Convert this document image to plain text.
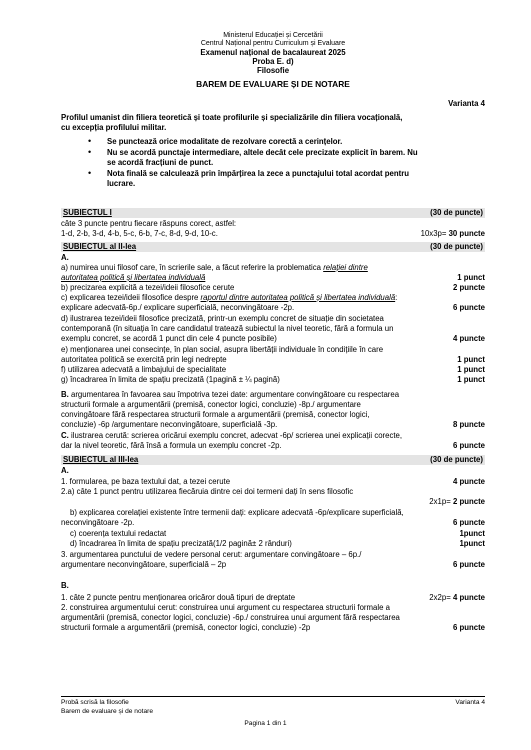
Ministerul Educației și Cercetării
Centrul Național pentru Curriculum și Evaluare
Examenul național de bacalaureat 2025
Proba E. d)
Filosofie
BAREM DE EVALUARE ȘI DE NOTARE
Varianta 4
Profilul umanist din filiera teoretică și toate profilurile și specializările din filiera vocațională,
cu excepția profilului militar.
• Se punctează orice modalitate de rezolvare corectă a cerințelor.
• Nu se acordă punctaje intermediare, altele decât cele precizate explicit în barem. Nu
se acordă fracțiuni de punct.
• Nota finală se calculează prin împărțirea la zece a punctajului total acordat pentru
lucrare.
SUBIECTUL I	(30 de puncte)
câte 3 puncte pentru fiecare răspuns corect, astfel:
1-d, 2-b, 3-d, 4-b, 5-c, 6-b, 7-c, 8-d, 9-d, 10-c.	10x3p= 30 puncte
SUBIECTUL al II-lea	(30 de puncte)
A.
a) numirea unui filosof care, în scrierile sale, a făcut referire la problematica relației dintre
autoritatea politică și libertatea individuală	1 punct
b) precizarea explicită a tezei/ideii filosofice cerute	2 puncte
c) explicarea tezei/ideii filosofice despre raportul dintre autoritatea politică și libertatea individuală:
explicare adecvată-6p./ explicare superficială, neconvingătoare -2p.	6 puncte
d) ilustrarea tezei/ideii filosofice precizată, printr-un exemplu concret de situație din societatea
contemporană (în situația în care candidatul tratează subiectul la nivel teoretic, fără a formula un
exemplu concret, se acordă 1 punct din cele 4 puncte posibile)	4 puncte
e) menționarea unei consecințe, în plan social, asupra libertății individuale în condițiile în care
autoritatea politică se exercită prin legi nedrepte	1 punct
f) utilizarea adecvată a limbajului de specialitate	1 punct
g) încadrarea în limita de spațiu precizată (1pagină ± ¼ pagină)	1 punct
B. argumentarea în favoarea sau împotriva tezei date: argumentare convingătoare cu respectarea
structurii formale a argumentării (premisă, conector logici, concluzie) -8p./ argumentare
convingătoare fără respectarea structurii formale a argumentării (premisă, conector logici,
concluzie) -6p /argumentare neconvingătoare, superficială -3p.	8 puncte
C. ilustrarea cerută: scrierea oricărui exemplu concret, adecvat -6p/ scrierea unei explicații corecte,
dar la nivel teoretic, fără însă a formula un exemplu concret -2p.	6 puncte
SUBIECTUL al III-lea	(30 de puncte)
A.
1. formularea, pe baza textului dat, a tezei cerute	4 puncte
2.a) câte 1 punct pentru utilizarea fiecăruia dintre cei doi termeni dați în sens filosofic
2x1p= 2 puncte
b) explicarea corelației existente între termenii dați: explicare adecvată -6p/explicare superficială,
neconvingătoare -2p.	6 puncte
c) coerența textului redactat	1punct
d) încadrarea în limita de spațiu precizată(1/2 pagină± 2 rânduri)	1punct
3. argumentarea punctului de vedere personal cerut: argumentare convingătoare – 6p./
argumentare neconvingătoare, superficială – 2p	6 puncte
B.
1. câte 2 puncte pentru menționarea oricăror două tipuri de dreptate	2x2p= 4 puncte
2. construirea argumentului cerut: construirea unui argument cu respectarea structurii formale a
argumentării (premisă, conector logici, concluzie) -6p./ construirea unui argument fără respectarea
structurii formale a argumentării (premisă, conector logici, concluzie) -2p	6 puncte
Probă scrisă la filosofie
Barem de evaluare și de notare
Varianta 4
Pagina 1 din 1
